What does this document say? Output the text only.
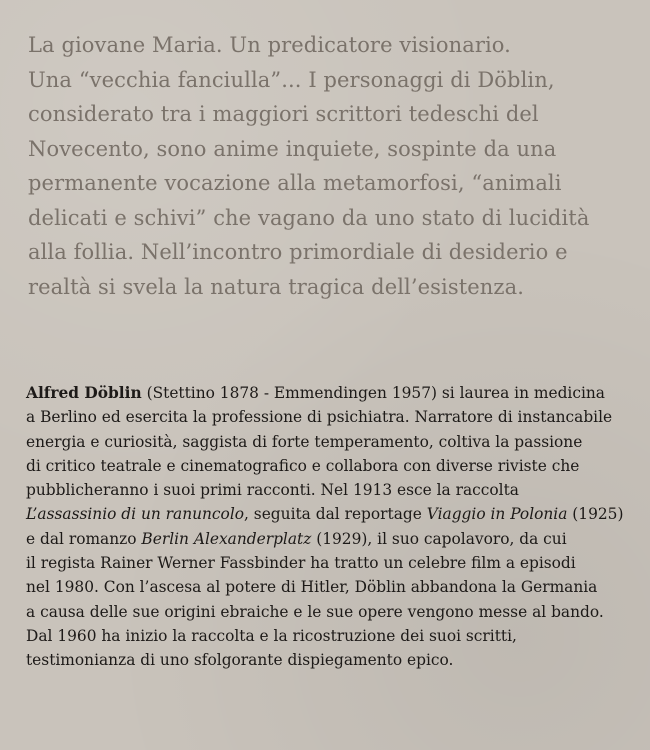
La giovane Maria. Un predicatore visionario.
Una “vecchia fanciulla”... I personaggi di Döblin,
considerato tra i maggiori scrittori tedeschi del
Novecento, sono anime inquiete, sospinte da una
permanente vocazione alla metamorfosi, “animali
delicati e schivi” che vagano da uno stato di lucidità
alla follia. Nell’incontro primordiale di desiderio e
realtà si svela la natura tragica dell’esistenza.

Alfred Döblin (Stettino 1878 - Emmendingen 1957) si laurea in medicina
a Berlino ed esercita la professione di psichiatra. Narratore di instancabile
energia e curiosità, saggista di forte temperamento, coltiva la passione
di critico teatrale e cinematografico e collabora con diverse riviste che
pubblicheranno i suoi primi racconti. Nel 1913 esce la raccolta
L’assassinio di un ranuncolo, seguita dal reportage Viaggio in Polonia (1925)
e dal romanzo Berlin Alexanderplatz (1929), il suo capolavoro, da cui
il regista Rainer Werner Fassbinder ha tratto un celebre film a episodi
nel 1980. Con l’ascesa al potere di Hitler, Döblin abbandona la Germania
a causa delle sue origini ebraiche e le sue opere vengono messe al bando.
Dal 1960 ha inizio la raccolta e la ricostruzione dei suoi scritti,
testimonianza di uno sfolgorante dispiegamento epico.
